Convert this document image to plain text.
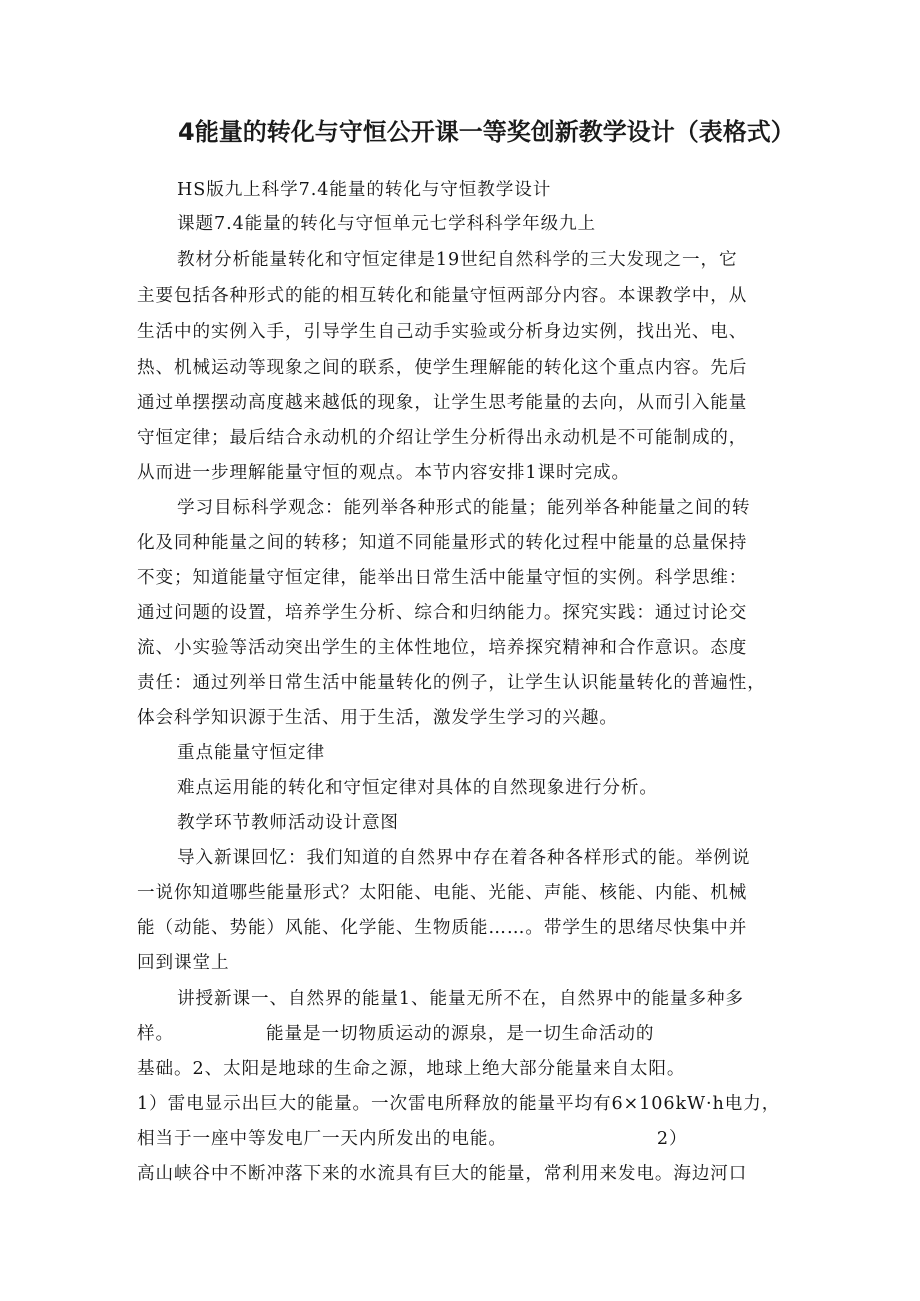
4能量的转化与守恒公开课一等奖创新教学设计（表格式）
HS版九上科学7.4能量的转化与守恒教学设计
课题7.4能量的转化与守恒单元七学科科学年级九上
教材分析能量转化和守恒定律是19世纪自然科学的三大发现之一，它
主要包括各种形式的能的相互转化和能量守恒两部分内容。本课教学中，从
生活中的实例入手，引导学生自己动手实验或分析身边实例，找出光、电、
热、机械运动等现象之间的联系，使学生理解能的转化这个重点内容。先后
通过单摆摆动高度越来越低的现象，让学生思考能量的去向，从而引入能量
守恒定律；最后结合永动机的介绍让学生分析得出永动机是不可能制成的，
从而进一步理解能量守恒的观点。本节内容安排1课时完成。
学习目标科学观念：能列举各种形式的能量；能列举各种能量之间的转
化及同种能量之间的转移；知道不同能量形式的转化过程中能量的总量保持
不变；知道能量守恒定律，能举出日常生活中能量守恒的实例。科学思维：
通过问题的设置，培养学生分析、综合和归纳能力。探究实践：通过讨论交
流、小实验等活动突出学生的主体性地位，培养探究精神和合作意识。态度
责任：通过列举日常生活中能量转化的例子，让学生认识能量转化的普遍性，
体会科学知识源于生活、用于生活，激发学生学习的兴趣。
重点能量守恒定律
难点运用能的转化和守恒定律对具体的自然现象进行分析。
教学环节教师活动设计意图
导入新课回忆：我们知道的自然界中存在着各种各样形式的能。举例说
一说你知道哪些能量形式？太阳能、电能、光能、声能、核能、内能、机械
能（动能、势能）风能、化学能、生物质能……。带学生的思绪尽快集中并
回到课堂上
讲授新课一、自然界的能量1、能量无所不在，自然界中的能量多种多
样。	能量是一切物质运动的源泉，是一切生命活动的
基础。2、太阳是地球的生命之源，地球上绝大部分能量来自太阳。
1）雷电显示出巨大的能量。一次雷电所释放的能量平均有6×106kW·h电力，
相当于一座中等发电厂一天内所发出的电能。	2）
高山峡谷中不断冲落下来的水流具有巨大的能量，常利用来发电。海边河口
